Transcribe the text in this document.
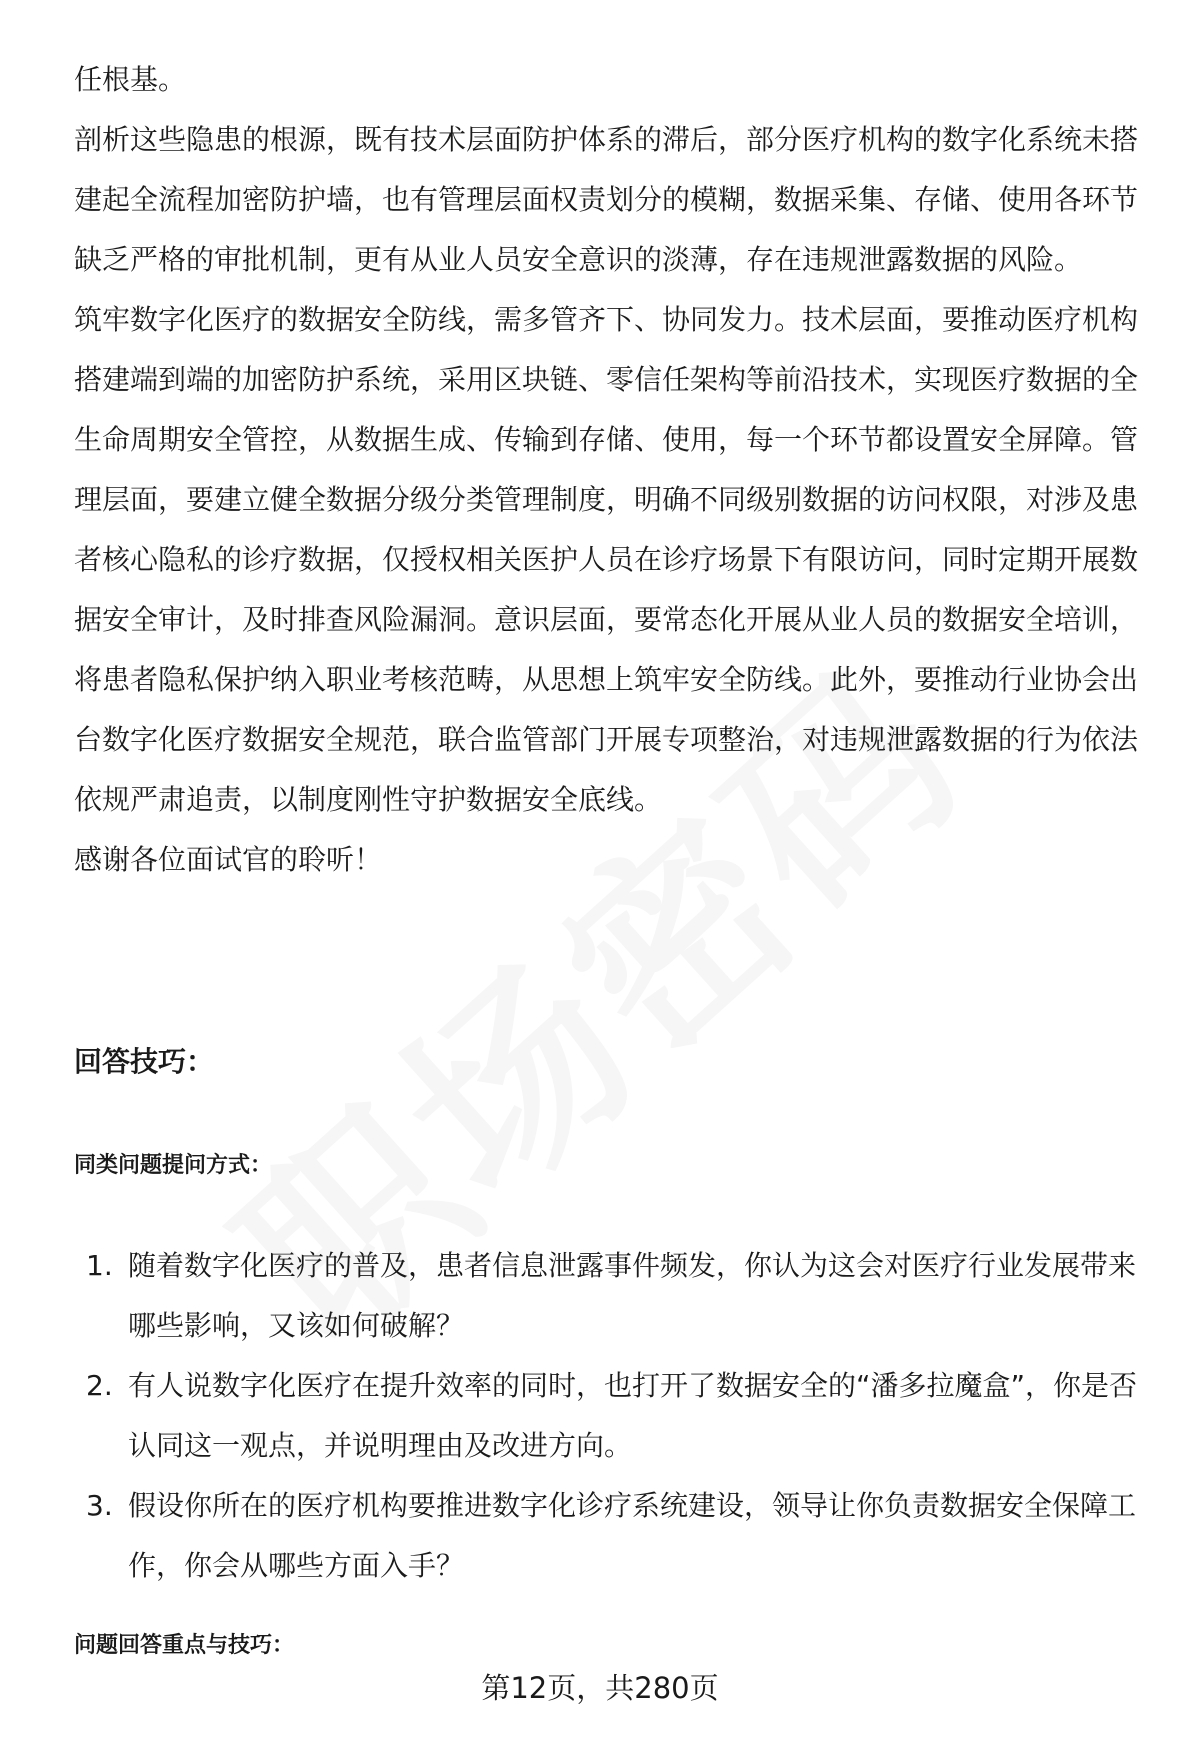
任根基。

剖析这些隐患的根源，既有技术层面防护体系的滞后，部分医疗机构的数字化系统未搭建起全流程加密防护墙，也有管理层面权责划分的模糊，数据采集、存储、使用各环节缺乏严格的审批机制，更有从业人员安全意识的淡薄，存在违规泄露数据的风险。

筑牢数字化医疗的数据安全防线，需多管齐下、协同发力。技术层面，要推动医疗机构搭建端到端的加密防护系统，采用区块链、零信任架构等前沿技术，实现医疗数据的全生命周期安全管控，从数据生成、传输到存储、使用，每一个环节都设置安全屏障。管理层面，要建立健全数据分级分类管理制度，明确不同级别数据的访问权限，对涉及患者核心隐私的诊疗数据，仅授权相关医护人员在诊疗场景下有限访问，同时定期开展数据安全审计，及时排查风险漏洞。意识层面，要常态化开展从业人员的数据安全培训，将患者隐私保护纳入职业考核范畴，从思想上筑牢安全防线。此外，要推动行业协会出台数字化医疗数据安全规范，联合监管部门开展专项整治，对违规泄露数据的行为依法依规严肃追责，以制度刚性守护数据安全底线。

感谢各位面试官的聆听！

回答技巧：
同类问题提问方式：
1. 随着数字化医疗的普及，患者信息泄露事件频发，你认为这会对医疗行业发展带来哪些影响，又该如何破解？
2. 有人说数字化医疗在提升效率的同时，也打开了数据安全的“潘多拉魔盒”，你是否认同这一观点，并说明理由及改进方向。
3. 假设你所在的医疗机构要推进数字化诊疗系统建设，领导让你负责数据安全保障工作，你会从哪些方面入手？
问题回答重点与技巧：
第12页，共280页
